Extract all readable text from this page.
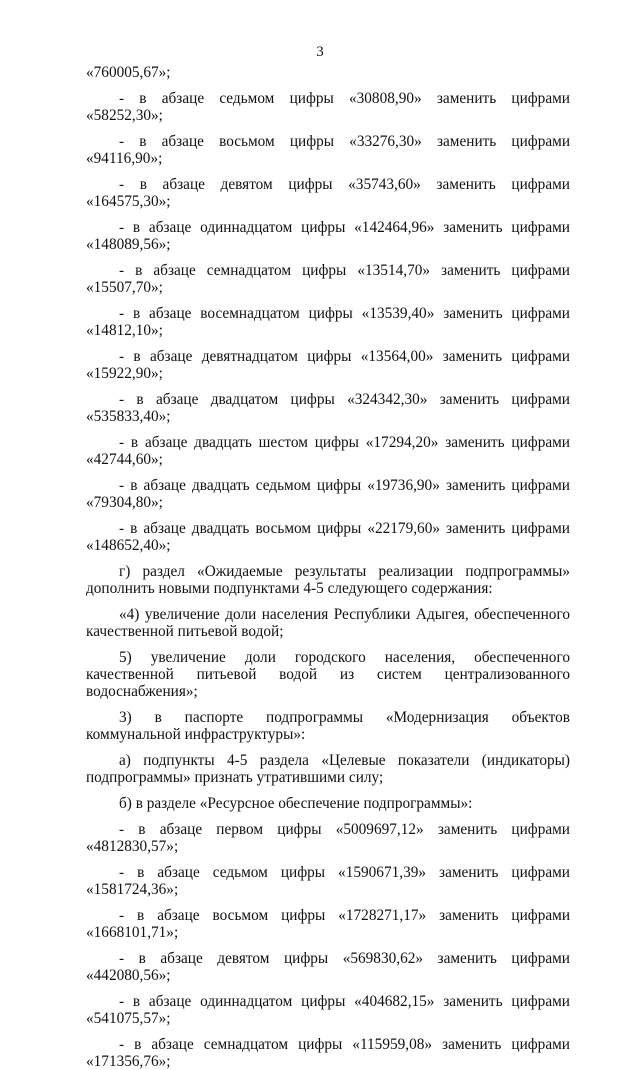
3

«760005,67»;

- в абзаце седьмом цифры «30808,90» заменить цифрами «58252,30»;

- в абзаце восьмом цифры «33276,30» заменить цифрами «94116,90»;

- в абзаце девятом цифры «35743,60» заменить цифрами «164575,30»;

- в абзаце одиннадцатом цифры «142464,96» заменить цифрами «148089,56»;

- в абзаце семнадцатом цифры «13514,70» заменить цифрами «15507,70»;

- в абзаце восемнадцатом цифры «13539,40» заменить цифрами «14812,10»;

- в абзаце девятнадцатом цифры «13564,00» заменить цифрами «15922,90»;

- в абзаце двадцатом цифры «324342,30» заменить цифрами «535833,40»;

- в абзаце двадцать шестом цифры «17294,20» заменить цифрами «42744,60»;

- в абзаце двадцать седьмом цифры «19736,90» заменить цифрами «79304,80»;

- в абзаце двадцать восьмом цифры «22179,60» заменить цифрами «148652,40»;

г) раздел «Ожидаемые результаты реализации подпрограммы» дополнить новыми подпунктами 4-5 следующего содержания:

«4) увеличение доли населения Республики Адыгея, обеспеченного качественной питьевой водой;

5) увеличение доли городского населения, обеспеченного качественной питьевой водой из систем централизованного водоснабжения»;

3) в паспорте подпрограммы «Модернизация объектов коммунальной инфраструктуры»:

а) подпункты 4-5 раздела «Целевые показатели (индикаторы) подпрограммы» признать утратившими силу;

б) в разделе «Ресурсное обеспечение подпрограммы»:

- в абзаце первом цифры «5009697,12» заменить цифрами «4812830,57»;

- в абзаце седьмом цифры «1590671,39» заменить цифрами «1581724,36»;

- в абзаце восьмом цифры «1728271,17» заменить цифрами «1668101,71»;

- в абзаце девятом цифры «569830,62» заменить цифрами «442080,56»;

- в абзаце одиннадцатом цифры «404682,15» заменить цифрами «541075,57»;

- в абзаце семнадцатом цифры «115959,08» заменить цифрами «171356,76»;
